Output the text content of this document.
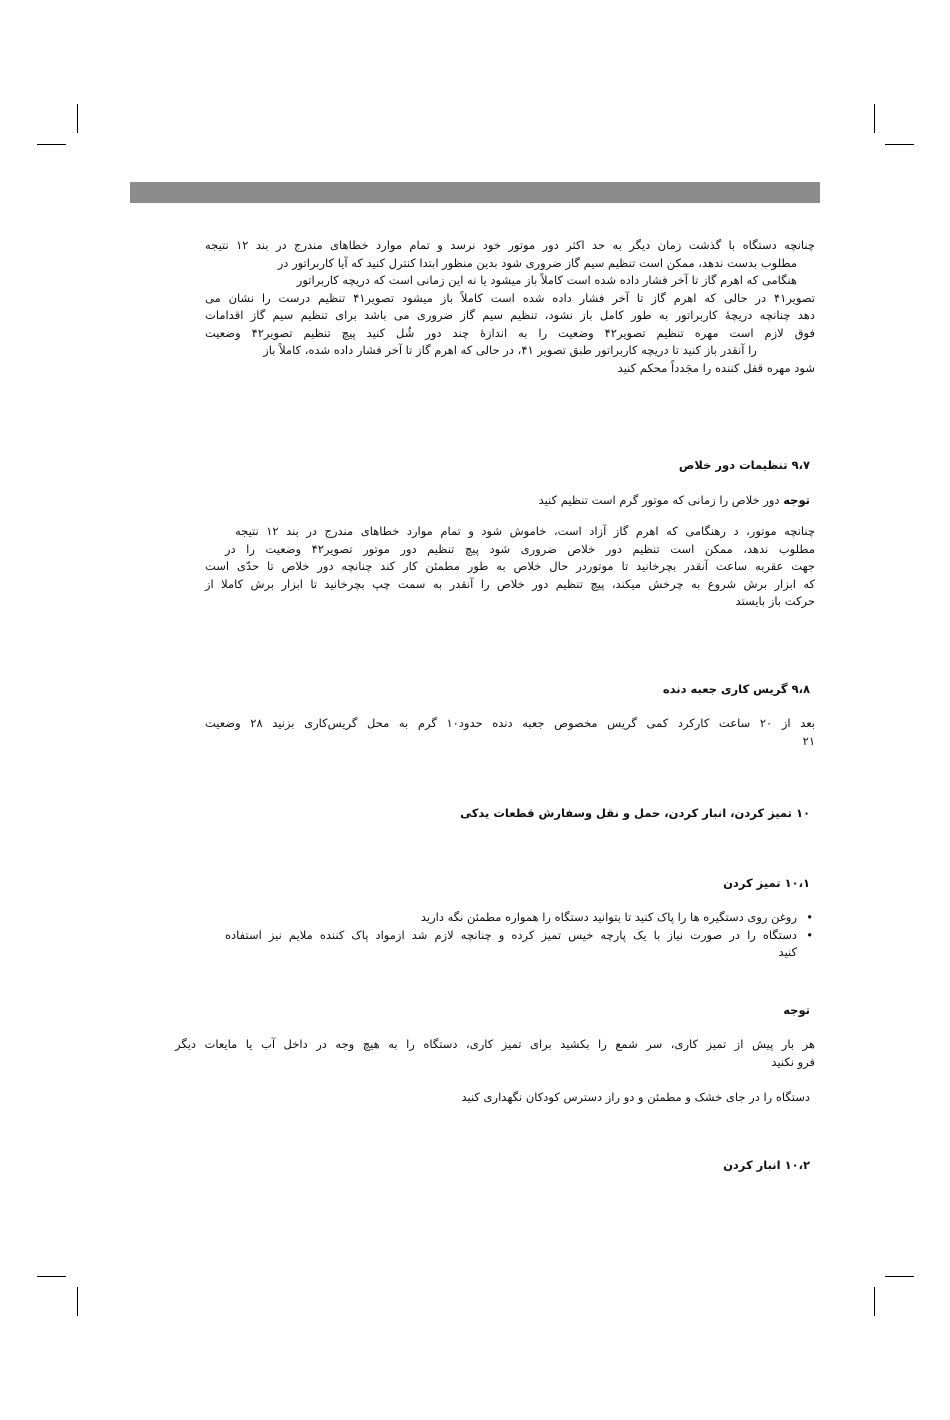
چنانچه دستگاه با گذشت زمان دیگر به حد اکثر دور موتور خود نرسد و تمام موارد خطاهای مندرج در بند ۱۲ نتیجه
مطلوب بدست ندهد، ممکن است تنظیم سیم گاز ضروری شود بدین منظور ابتدا کنترل کنید که آیا کاربراتور در
هنگامی که اهرم گاز تا آخر فشار داده شده است کاملاً باز میشود یا نه این زمانی است که دریچه کاربراتور
تصویر۴۱ در حالی که اهرم گاز تا آخر فشار داده شده است کاملاً باز میشود تصویر۴۱ تنظیم درست را نشان می
دهد چنانچه دریچهٔ کاربراتور به طور کامل باز نشود، تنظیم سیم گاز ضروری می باشد برای تنظیم سیم گاز اقدامات
فوق لازم است مهره تنظیم تصویر۴۲ وضعیت را به اندازهٔ چند دور شُل کنید پیچ تنظیم تصویر۴۲ وضعیت
را آنقدر باز کنید تا دریچه کاربراتور طبق تصویر ۴۱، در حالی که اهرم گاز تا آخر فشار داده شده، کاملاً باز
شود مهره قفل کننده را مجَدداً محکم کنید
۹،۷ تنظیمات دور خلاص
توجه دور خلاص را زمانی که موتور گرم است تنظیم کنید
چنانچه موتور، د رهنگامی که اهرم گاز آزاد است، خاموش شود و تمام موارد خطاهای مندرج در بند ۱۲ نتیجه
مطلوب ندهد، ممکن است تنظیم دور خلاص ضروری شود پیچ تنظیم دور موتور تصویر۴۲ وضعیت را در
جهت عقربه ساعت آنقدر بچرخانید تا موتوردر حال خلاص به طور مطمئن کار کند چنانچه دور خلاص تا حدّی است
که ابزار برش شروع به چرخش میکند، پیچ تنظیم دور خلاص را آنقدر به سمت چپ بچرخانید تا ابزار برش کاملا از
حرکت باز بایستد
۹،۸ گریس کاری جعبه دنده
بعد از ۲۰ ساعت کارکرد کمی گریس مخصوص جعبه دنده حدود۱۰ گرم به محل گریس‌کاری بزنید ۲۸ وضعیت
۲۱
۱۰ تمیز کردن، انبار کردن، حمل و نقل وسفارش قطعات یدکی
۱۰،۱ تمیز کردن
•
روغن روی دستگیره ها را پاک کنید تا بتوانید دستگاه را همواره مطمئن نگه دارید
•
دستگاه را در صورت نیاز با یک پارچه خیس تمیز کرده و چنانچه لازم شد ازمواد پاک کننده ملایم نیز استفاده
کنید
توجه
هر بار پیش از تمیز کاری، سر شمع را بکشید برای تمیز کاری، دستگاه را به هیچ وجه در داخل آب یا مایعات دیگر
فرو نکنید
دستگاه را در جای خشک و مطمئن و دو راز دسترس کودکان نگهداری کنید
۱۰،۲ انبار کردن
